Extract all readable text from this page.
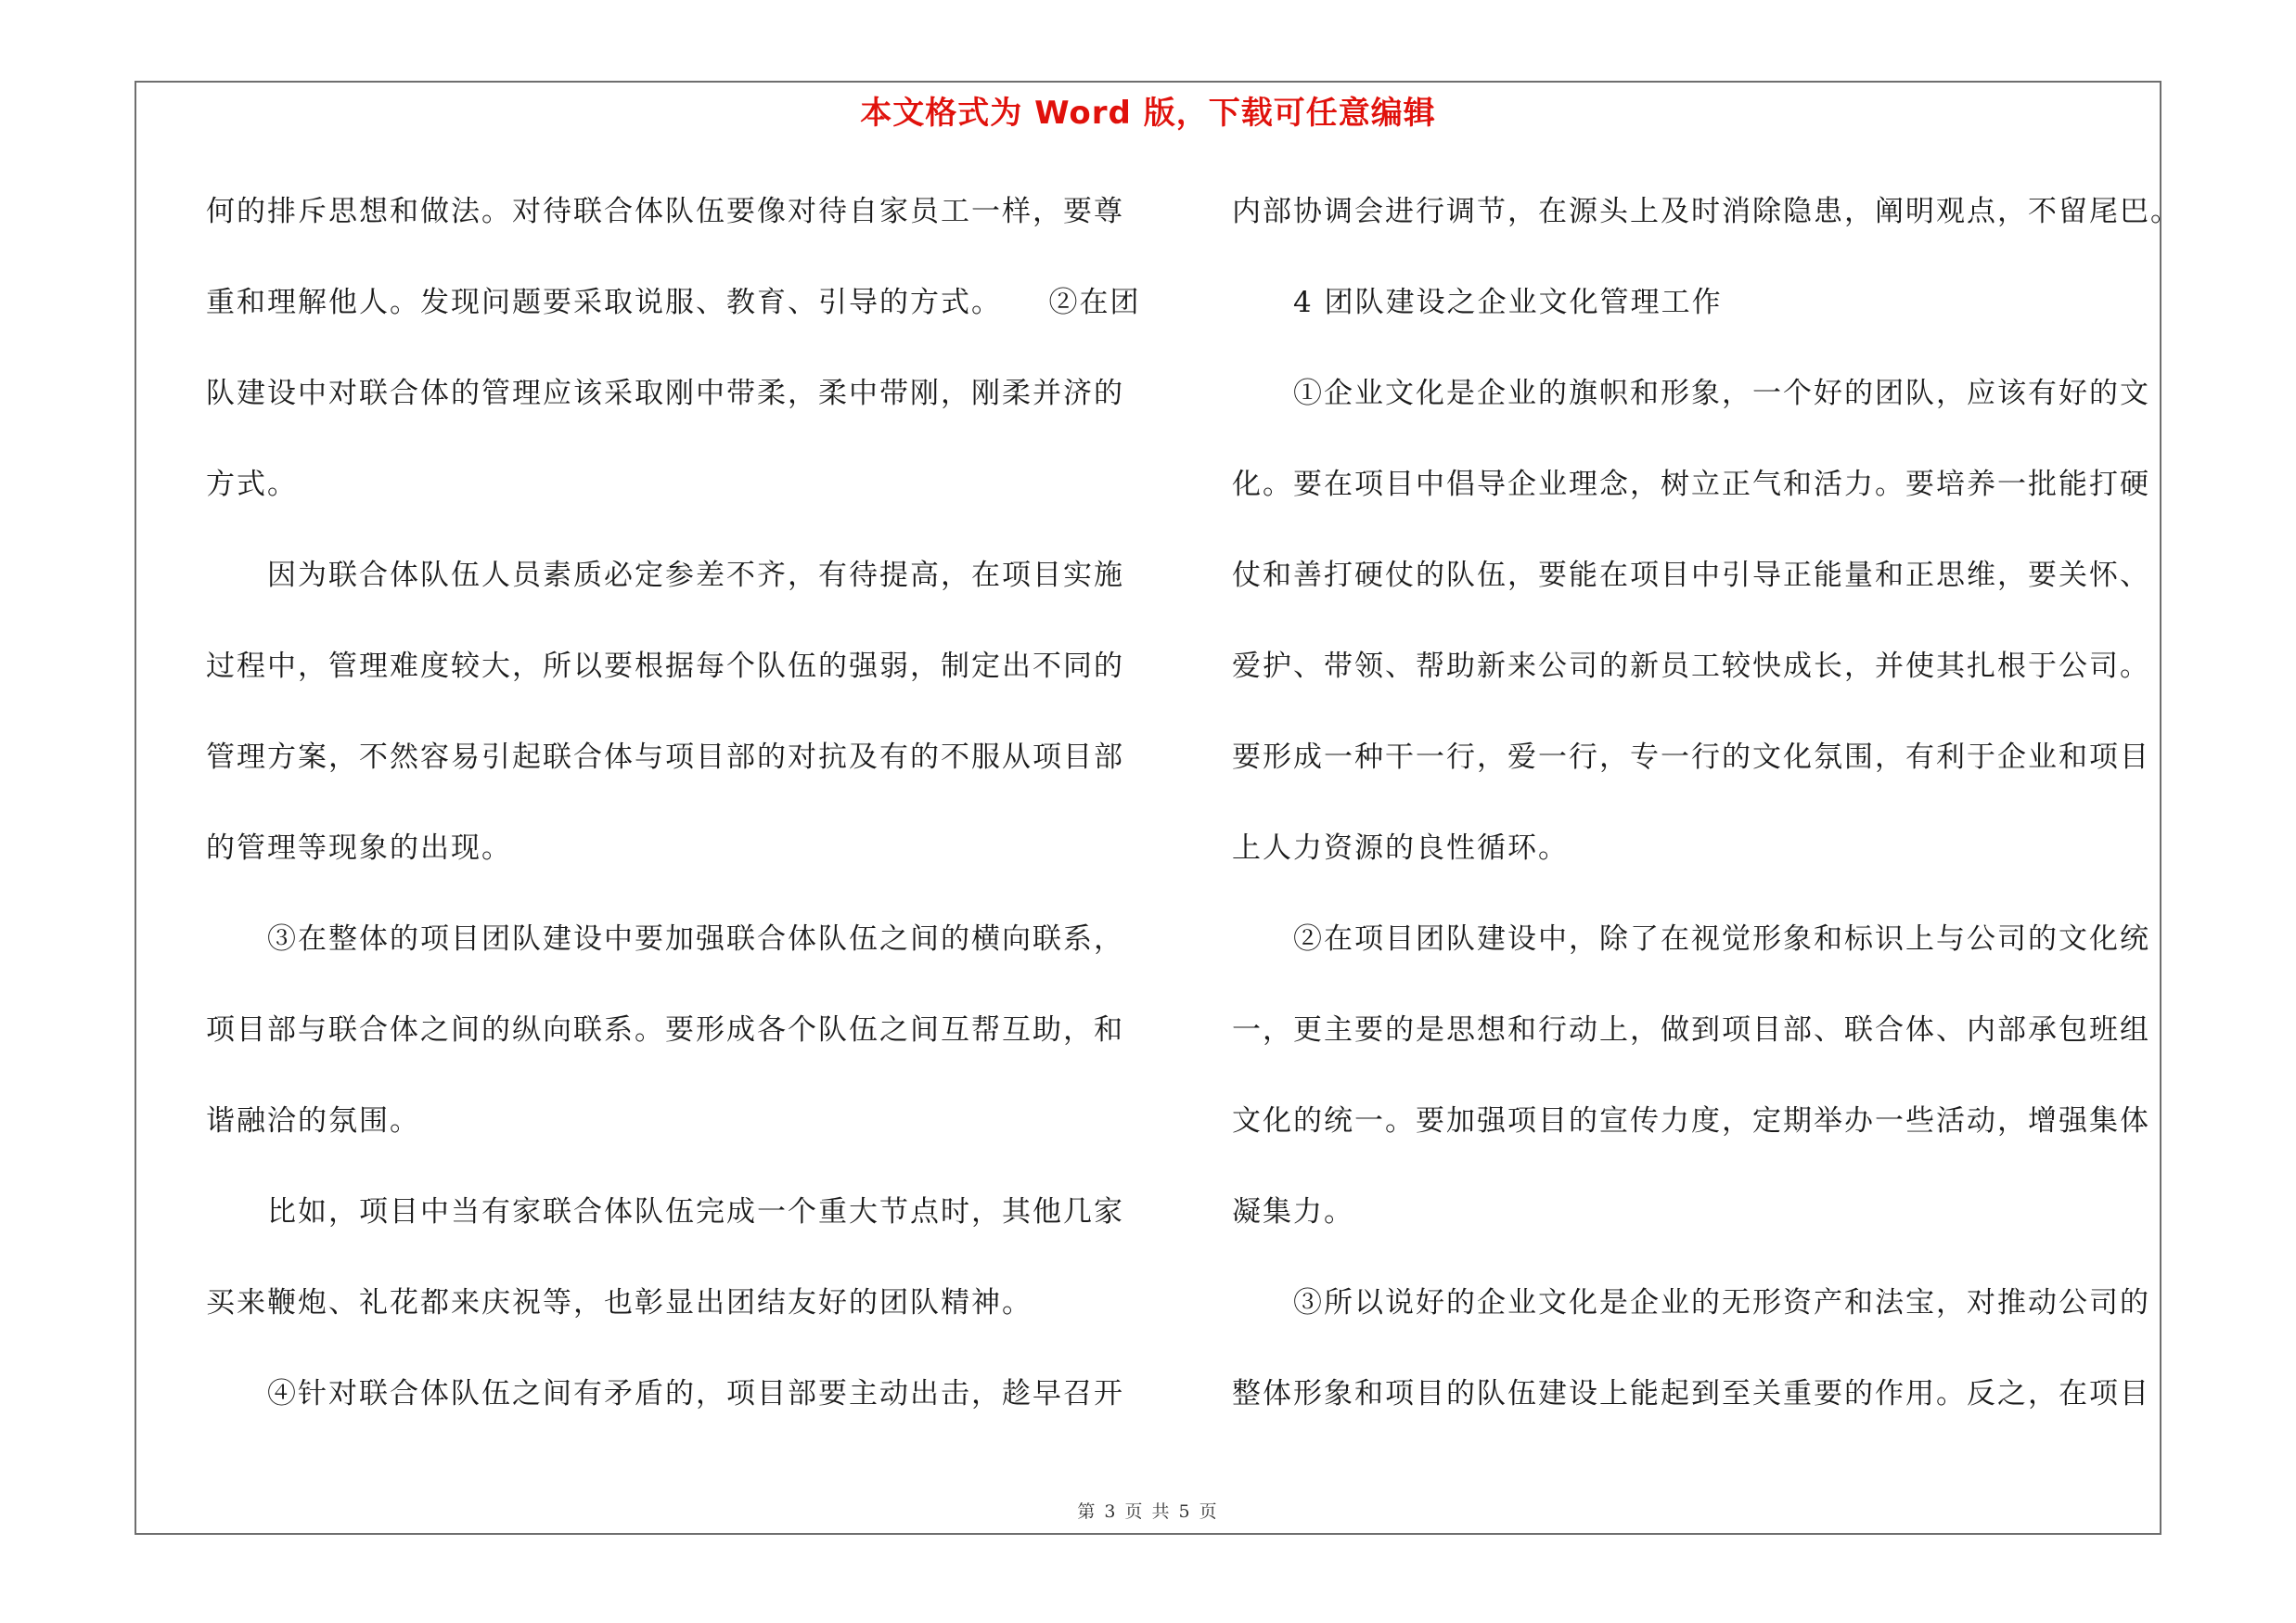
本文格式为 Word 版，下载可任意编辑
何的排斥思想和做法。对待联合体队伍要像对待自家员工一样，要尊
重和理解他人。发现问题要采取说服、教育、引导的方式。　　②在团
队建设中对联合体的管理应该采取刚中带柔，柔中带刚，刚柔并济的
方式。
　　因为联合体队伍人员素质必定参差不齐，有待提高，在项目实施
过程中，管理难度较大，所以要根据每个队伍的强弱，制定出不同的
管理方案，不然容易引起联合体与项目部的对抗及有的不服从项目部
的管理等现象的出现。
　　③在整体的项目团队建设中要加强联合体队伍之间的横向联系，
项目部与联合体之间的纵向联系。要形成各个队伍之间互帮互助，和
谐融洽的氛围。
　　比如，项目中当有家联合体队伍完成一个重大节点时，其他几家
买来鞭炮、礼花都来庆祝等，也彰显出团结友好的团队精神。
　　④针对联合体队伍之间有矛盾的，项目部要主动出击，趁早召开
内部协调会进行调节，在源头上及时消除隐患，阐明观点，不留尾巴。
　　4 团队建设之企业文化管理工作
　　①企业文化是企业的旗帜和形象，一个好的团队，应该有好的文
化。要在项目中倡导企业理念，树立正气和活力。要培养一批能打硬
仗和善打硬仗的队伍，要能在项目中引导正能量和正思维，要关怀、
爱护、带领、帮助新来公司的新员工较快成长，并使其扎根于公司。
要形成一种干一行，爱一行，专一行的文化氛围，有利于企业和项目
上人力资源的良性循环。
　　②在项目团队建设中，除了在视觉形象和标识上与公司的文化统
一，更主要的是思想和行动上，做到项目部、联合体、内部承包班组
文化的统一。要加强项目的宣传力度，定期举办一些活动，增强集体
凝集力。
　　③所以说好的企业文化是企业的无形资产和法宝，对推动公司的
整体形象和项目的队伍建设上能起到至关重要的作用。反之，在项目
第 3 页 共 5 页
